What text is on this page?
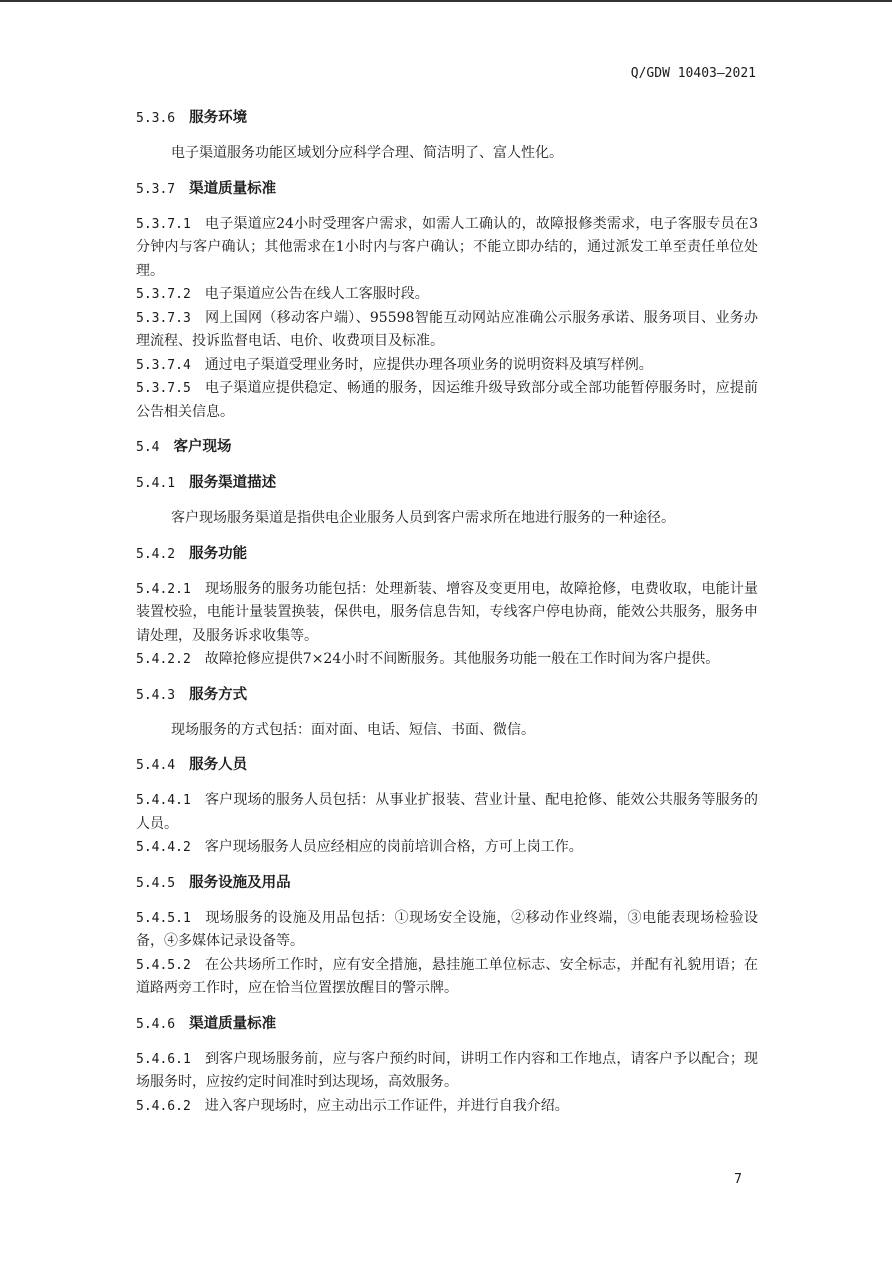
Q/GDW 10403—2021
5.3.6 服务环境

电子渠道服务功能区域划分应科学合理、简洁明了、富人性化。

5.3.7 渠道质量标准

5.3.7.1 电子渠道应24小时受理客户需求，如需人工确认的，故障报修类需求，电子客服专员在3分钟内与客户确认；其他需求在1小时内与客户确认；不能立即办结的，通过派发工单至责任单位处理。

5.3.7.2 电子渠道应公告在线人工客服时段。

5.3.7.3 网上国网（移动客户端）、95598智能互动网站应准确公示服务承诺、服务项目、业务办理流程、投诉监督电话、电价、收费项目及标准。

5.3.7.4 通过电子渠道受理业务时，应提供办理各项业务的说明资料及填写样例。

5.3.7.5 电子渠道应提供稳定、畅通的服务，因运维升级导致部分或全部功能暂停服务时，应提前公告相关信息。

5.4 客户现场
5.4.1 服务渠道描述

客户现场服务渠道是指供电企业服务人员到客户需求所在地进行服务的一种途径。

5.4.2 服务功能

5.4.2.1 现场服务的服务功能包括：处理新装、增容及变更用电，故障抢修，电费收取，电能计量装置校验，电能计量装置换装，保供电，服务信息告知，专线客户停电协商，能效公共服务，服务申请处理，及服务诉求收集等。

5.4.2.2 故障抢修应提供7×24小时不间断服务。其他服务功能一般在工作时间为客户提供。

5.4.3 服务方式

现场服务的方式包括：面对面、电话、短信、书面、微信。

5.4.4 服务人员

5.4.4.1 客户现场的服务人员包括：从事业扩报装、营业计量、配电抢修、能效公共服务等服务的人员。

5.4.4.2 客户现场服务人员应经相应的岗前培训合格，方可上岗工作。

5.4.5 服务设施及用品

5.4.5.1 现场服务的设施及用品包括：①现场安全设施，②移动作业终端，③电能表现场检验设备，④多媒体记录设备等。

5.4.5.2 在公共场所工作时，应有安全措施，悬挂施工单位标志、安全标志，并配有礼貌用语；在道路两旁工作时，应在恰当位置摆放醒目的警示牌。

5.4.6 渠道质量标准

5.4.6.1 到客户现场服务前，应与客户预约时间，讲明工作内容和工作地点，请客户予以配合；现场服务时，应按约定时间准时到达现场，高效服务。

5.4.6.2 进入客户现场时，应主动出示工作证件，并进行自我介绍。

7
